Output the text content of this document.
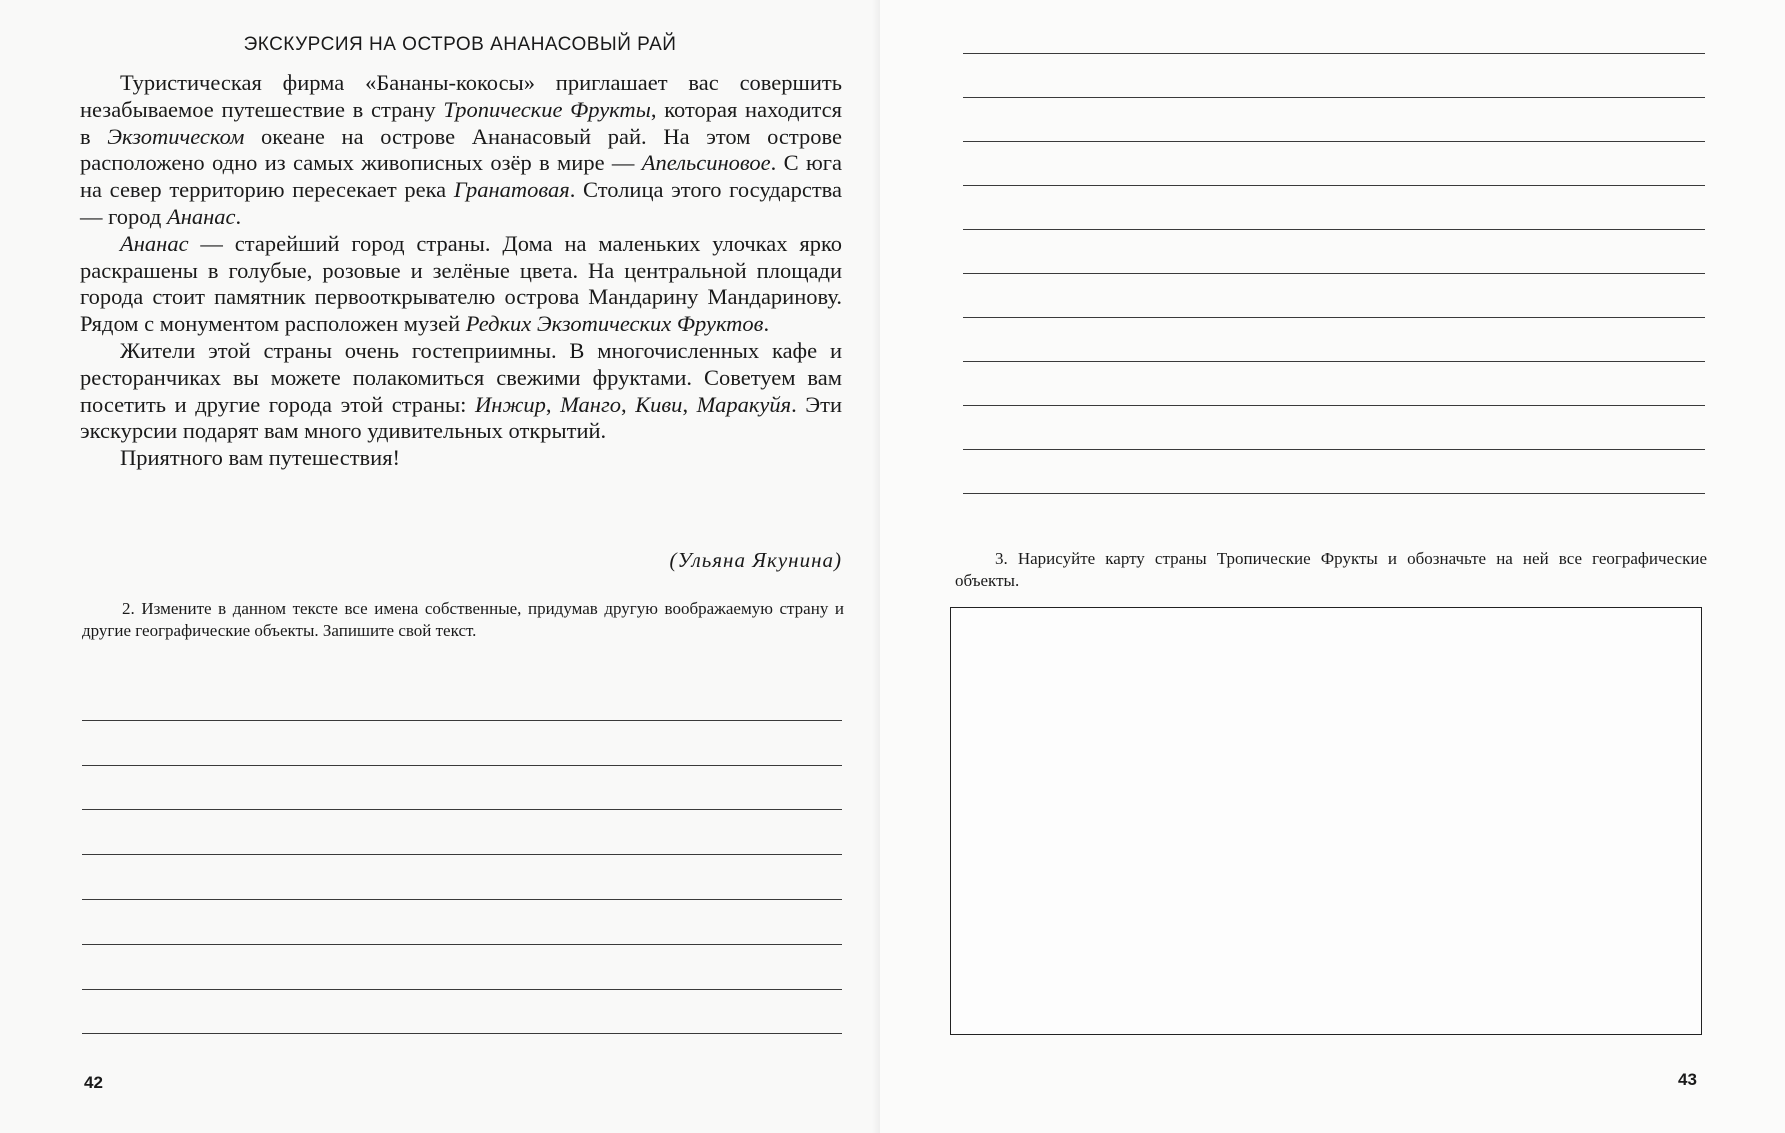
ЭКСКУРСИЯ НА ОСТРОВ АНАНАСОВЫЙ РАЙ

Туристическая фирма «Бананы-кокосы» приглашает вас совершить незабываемое путешествие в страну Тропические Фрукты, которая находится в Экзотическом океане на острове Ананасовый рай. На этом острове расположено одно из самых живописных озёр в мире — Апельсиновое. С юга на север территорию пересекает река Гранатовая. Столица этого государства — город Ананас.

Ананас — старейший город страны. Дома на маленьких улочках ярко раскрашены в голубые, розовые и зелёные цвета. На центральной площади города стоит памятник первооткрывателю острова Мандарину Мандаринову. Рядом с монументом расположен музей Редких Экзотических Фруктов.

Жители этой страны очень гостеприимны. В многочисленных кафе и ресторанчиках вы можете полакомиться свежими фруктами. Советуем вам посетить и другие города этой страны: Инжир, Манго, Киви, Маракуйя. Эти экскурсии подарят вам много удивительных открытий.

Приятного вам путешествия!

(Ульяна Якунина)
2. Измените в данном тексте все имена собственные, придумав другую воображаемую страну и другие географические объекты. Запишите свой текст.
42	43
3. Нарисуйте карту страны Тропические Фрукты и обозначьте на ней все географические объекты.
